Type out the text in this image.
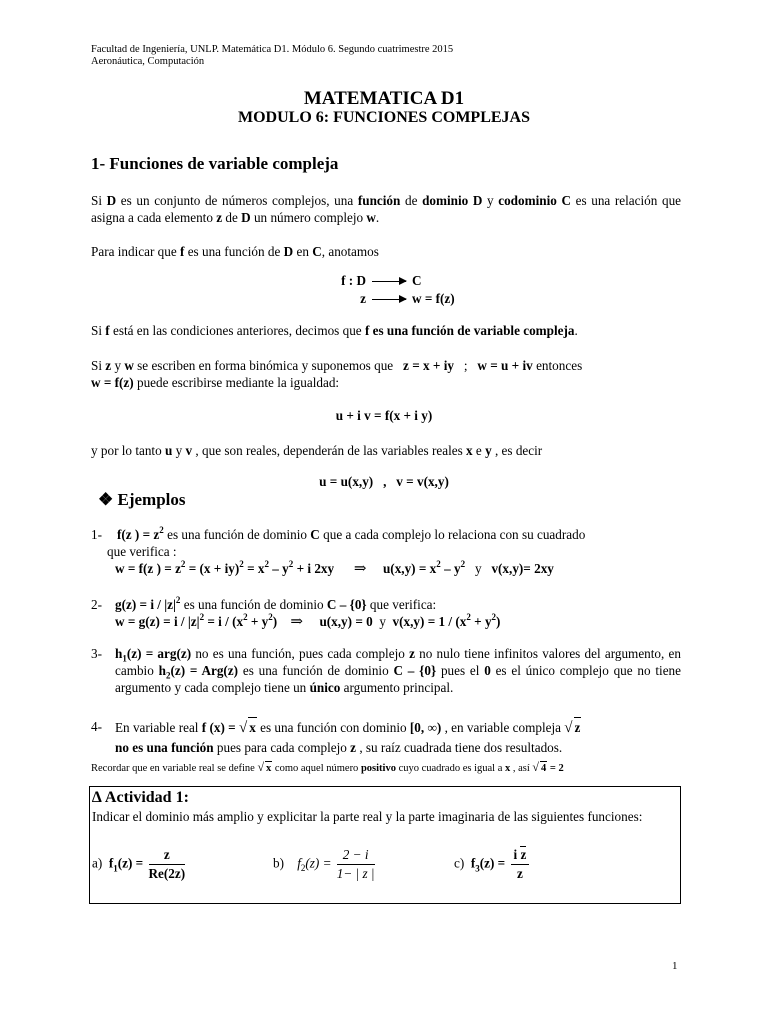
Facultad de Ingeniería, UNLP. Matemática D1. Módulo 6. Segundo cuatrimestre 2015
Aeronáutica, Computación
MATEMATICA D1
MODULO 6: FUNCIONES COMPLEJAS
1- Funciones de variable compleja
Si D es un conjunto de números complejos, una función de dominio D y codominio C es una relación que asigna a cada elemento z de D un número complejo w.
Para indicar que f es una función de D en C, anotamos
f : D	C
z	w = f(z)
Si f está en las condiciones anteriores, decimos que f es una función de variable compleja.
Si z y w se escriben en forma binómica y suponemos que   z = x + iy   ;   w = u + iv entonces
w = f(z) puede escribirse mediante la igualdad:
u + i v = f(x + i y)
y por lo tanto u y v , que son reales, dependerán de las variables reales x e y , es decir
u = u(x,y)   ,   v = v(x,y)
❖ Ejemplos
1- f(z ) = $z^2$ es una función de dominio C que a cada complejo lo relaciona con su cuadrado
que verifica :
w = f(z ) = $z^2 = (x + iy)^2 = x^2 - y^2 + i$ 2xy ⇒ $u(x,y) = x^2 - y^2$ y v(x,y)= 2xy
2- $g(z) = i / |z|^2$ es una función de dominio C – {0} que verifica:
$w = g(z) = i / |z|^2 = i / (x^2 + y^2)$ ⇒ u(x,y) = 0 y $v(x,y) = 1 / (x^2 + y^2)$
3- $h_1(z) = arg(z)$ no es una función, pues cada complejo z no nulo tiene infinitos valores del argumento, en cambio $h_2(z) = Arg(z)$ es una función de dominio C – {0} pues el 0 es el único complejo que no tiene argumento y cada complejo tiene un único argumento principal.
4- En variable real f (x) = √ x es una función con dominio [0, ∞) , en variable compleja √ z
no es una función pues para cada complejo z , su raíz cuadrada tiene dos resultados.
Recordar que en variable real se define √ x como aquel número positivo cuyo cuadrado es igual a x , así √ 4 = 2
∆ Actividad 1:
Indicar el dominio más amplio y explicitar la parte real y la parte imaginaria de las siguientes funciones:
a) $f_1(z) = \frac{z}{Re(2z)}$	b) $f_2(z) = \frac{2 - i}{1- | z |}$	c) $f_3(z) = \frac{\text{i z}}{z}$
1
